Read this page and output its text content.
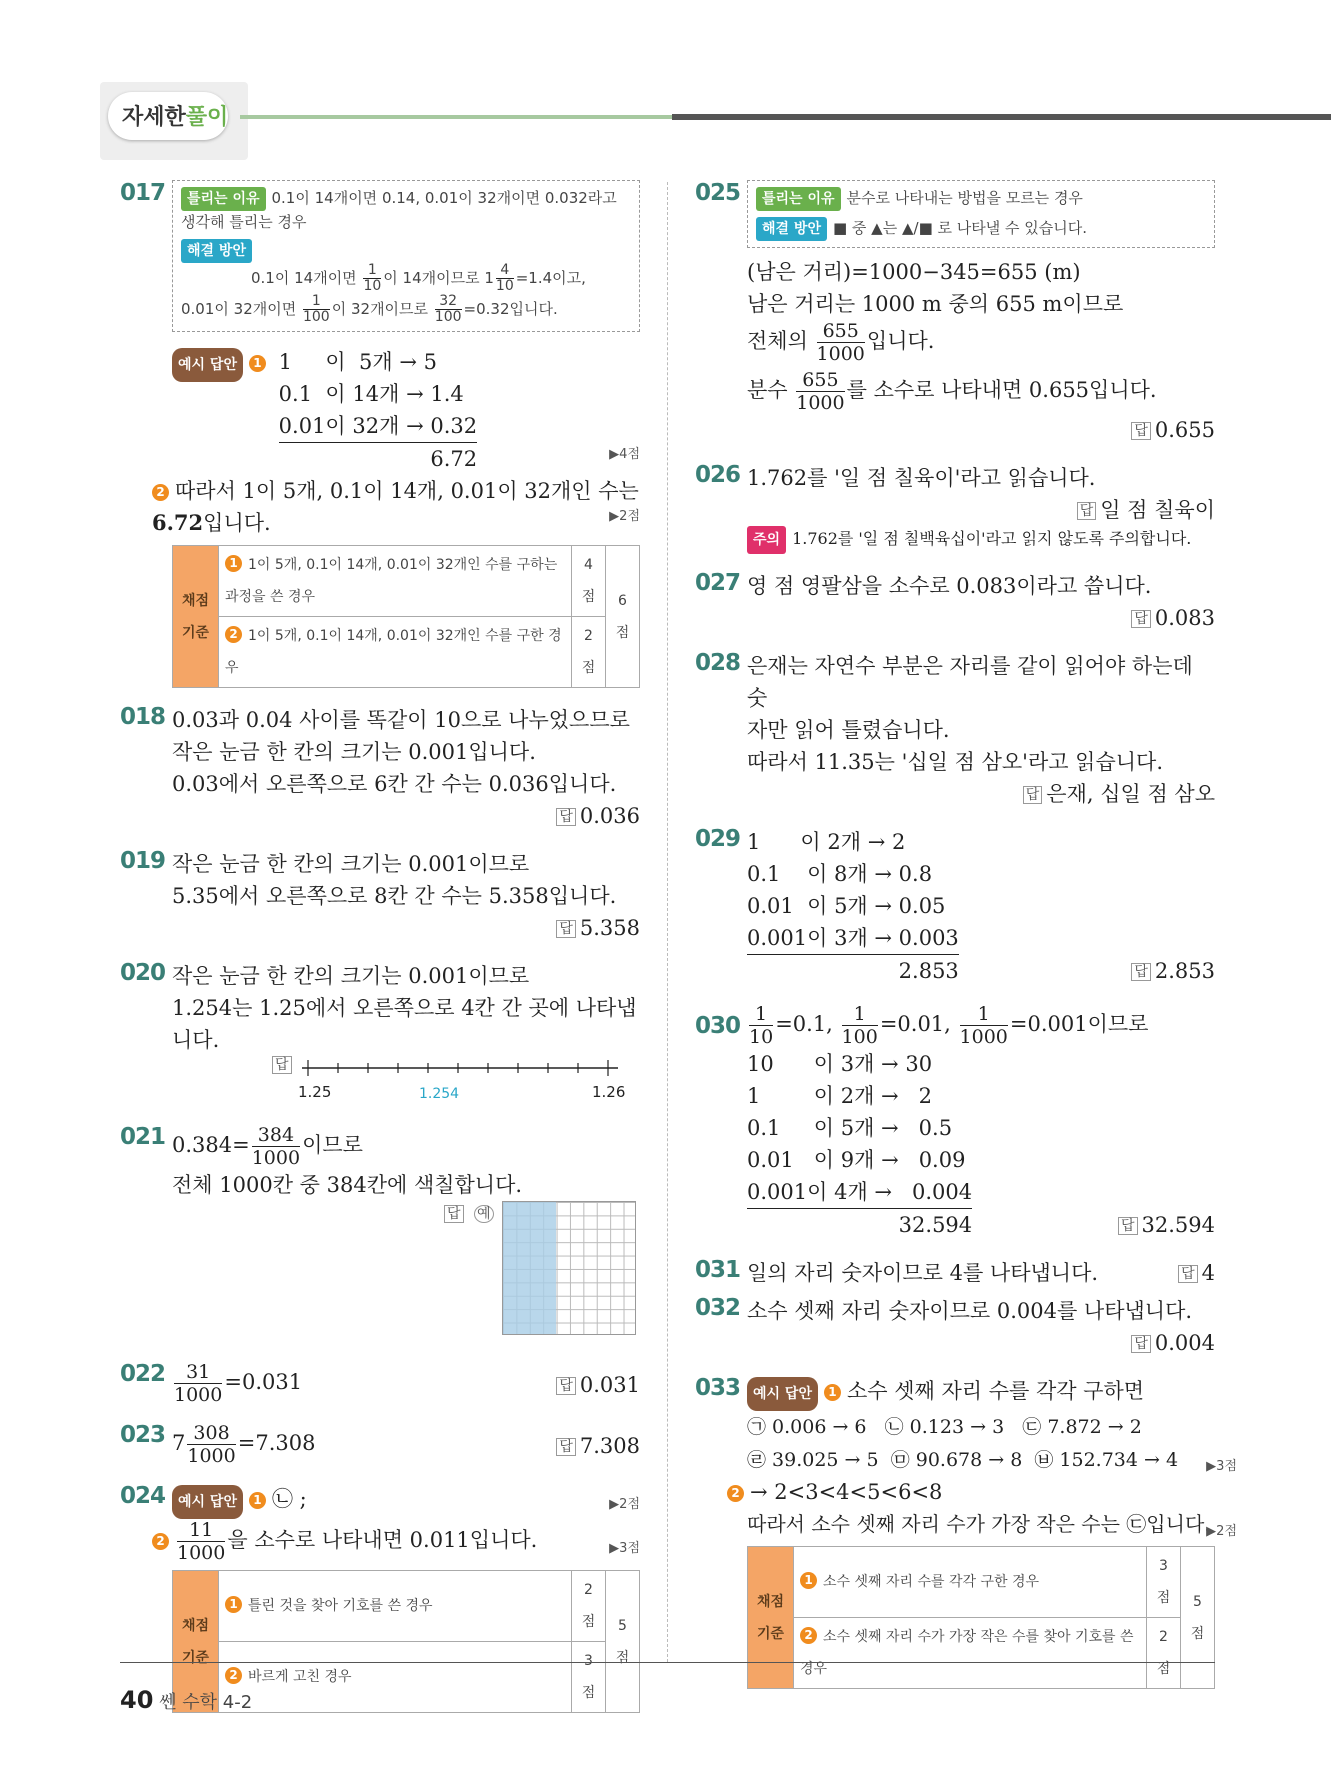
자세한풀이
017	틀리는 이유 0.1이 14개이면 0.14, 0.01이 32개이면 0.032라고 생각해 틀리는 경우
해결 방안
0.1이 14개이면 $\frac{1}{10}$ 이 14개이므로 $1 \frac{4}{10} =1.4$이고,
0.01이 32개이면 $\frac{1}{100}$ 이 32개이므로 $\frac{32}{100} =0.32$입니다.
예시 답안 1 1     이  5개 → 5
0.1  이 14개 → 1.4
0.01이 32개 → 0.32
6.72	▶4점
2 따라서 1이 5개, 0.1이 14개, 0.01이 32개인 수는
6.72입니다.	▶2점
채점 기준	1 1이 5개, 0.1이 14개, 0.01이 32개인 수를 구하는 과정을 쓴 경우	4점	6점
	2 1이 5개, 0.1이 14개, 0.01이 32개인 수를 구한 경우	2점	
018 0.03과 0.04 사이를 똑같이 10으로 나누었으므로
작은 눈금 한 칸의 크기는 0.001입니다.
0.03에서 오른쪽으로 6칸 간 수는 0.036입니다.
답 0.036
019 작은 눈금 한 칸의 크기는 0.001이므로
5.35에서 오른쪽으로 8칸 간 수는 5.358입니다.
답 5.358
020 작은 눈금 한 칸의 크기는 0.001이므로
1.254는 1.25에서 오른쪽으로 4칸 간 곳에 나타냅
니다.
답
1.25	1.254	1.26
021 $0.384= \frac{384}{1000}$ 이므로
전체 1000칸 중 384칸에 색칠합니다.
답 예
$022 \frac{31}{1000} =0.031$	답 0.031
023 $7 \frac{308}{1000} =7.308$	답 7.308
024 예시 답안 1 ㉡ ;	▶2점
$2 \frac{11}{1000}$ 을 소수로 나타내면 0.011입니다.	▶3점
채점 기준	1 틀린 것을 찾아 기호를 쓴 경우	2점	5점
	2 바르게 고친 경우	3점	
025	틀리는 이유 분수로 나타내는 방법을 모르는 경우
해결 방안 ■ 중 ▲는 ▲/■ 로 나타낼 수 있습니다.
(남은 거리)=1000−345=655 (m)
남은 거리는 1000 m 중의 655 m이므로
전체의 $\frac{655}{1000}$ 입니다.
분수 $\frac{655}{1000}$ 를 소수로 나타내면 0.655입니다.
답 0.655
026 1.762를 '일 점 칠육이'라고 읽습니다.
답 일 점 칠육이
주의 1.762를 '일 점 칠백육십이'라고 읽지 않도록 주의합니다.
027 영 점 영팔삼을 소수로 0.083이라고 씁니다.
답 0.083
028 은재는 자연수 부분은 자리를 같이 읽어야 하는데 숫
자만 읽어 틀렸습니다.
따라서 11.35는 '십일 점 삼오'라고 읽습니다.
답 은재, 십일 점 삼오
029 1      이 2개 → 2
0.1    이 8개 → 0.8
0.01  이 5개 → 0.05
0.001이 3개 → 0.003
2.853	답 2.853
$030 \frac{1}{10} =0.1$, $\frac{1}{100} =0.01$, $\frac{1}{1000} =0.001$이므로
10      이 3개 → 30
1        이 2개 →   2
0.1     이 5개 →   0.5
0.01   이 9개 →   0.09
0.001이 4개 →   0.004
32.594	답 32.594
031 일의 자리 숫자이므로 4를 나타냅니다.	답 4
032 소수 셋째 자리 숫자이므로 0.004를 나타냅니다.
답 0.004
033 예시 답안 1 소수 셋째 자리 수를 각각 구하면
㉠ 0.006 → 6   ㉡ 0.123 → 3   ㉢ 7.872 → 2
㉣ 39.025 → 5  ㉤ 90.678 → 8  ㉥ 152.734 → 4 ▶3점
2 → 2<3<4<5<6<8
따라서 소수 셋째 자리 수가 가장 작은 수는 ㉢입니다.
▶2점
채점 기준	1 소수 셋째 자리 수를 각각 구한 경우	3점	5점
	2 소수 셋째 자리 수가 가장 작은 수를 찾아 기호를 쓴 경우	2점	
40 쎈 수학 4-2
